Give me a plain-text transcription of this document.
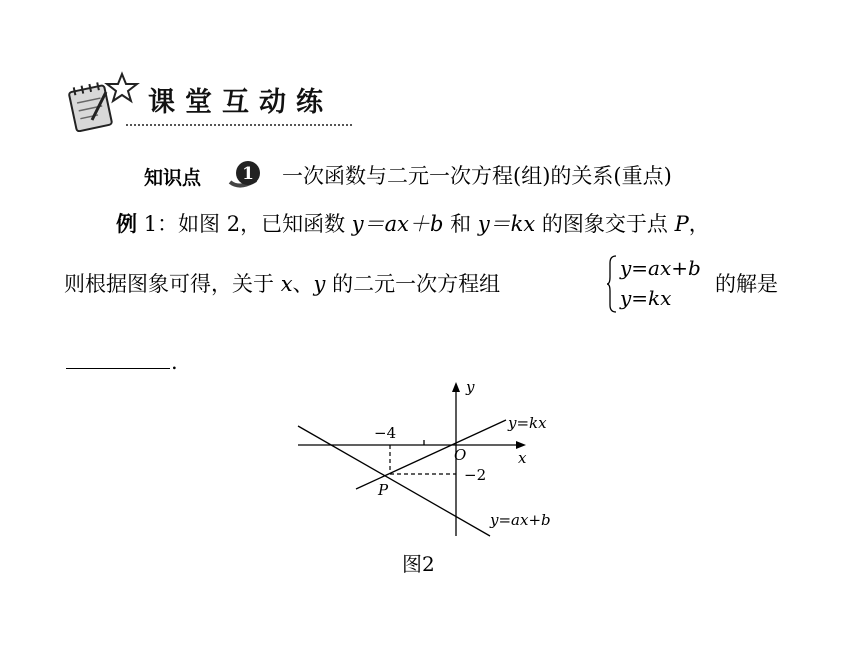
课堂互动练
知识点 1 一次函数与二元一次方程(组)的关系(重点)
例 1：如图 2，已知函数 y＝ax＋b 和 y＝kx 的图象交于点 P，
则根据图象可得，关于 x、y 的二元一次方程组
y=ax+b
y=kx
的解是
.
y
x
O
−4
−2
P
y=kx
y=ax+b
图2
